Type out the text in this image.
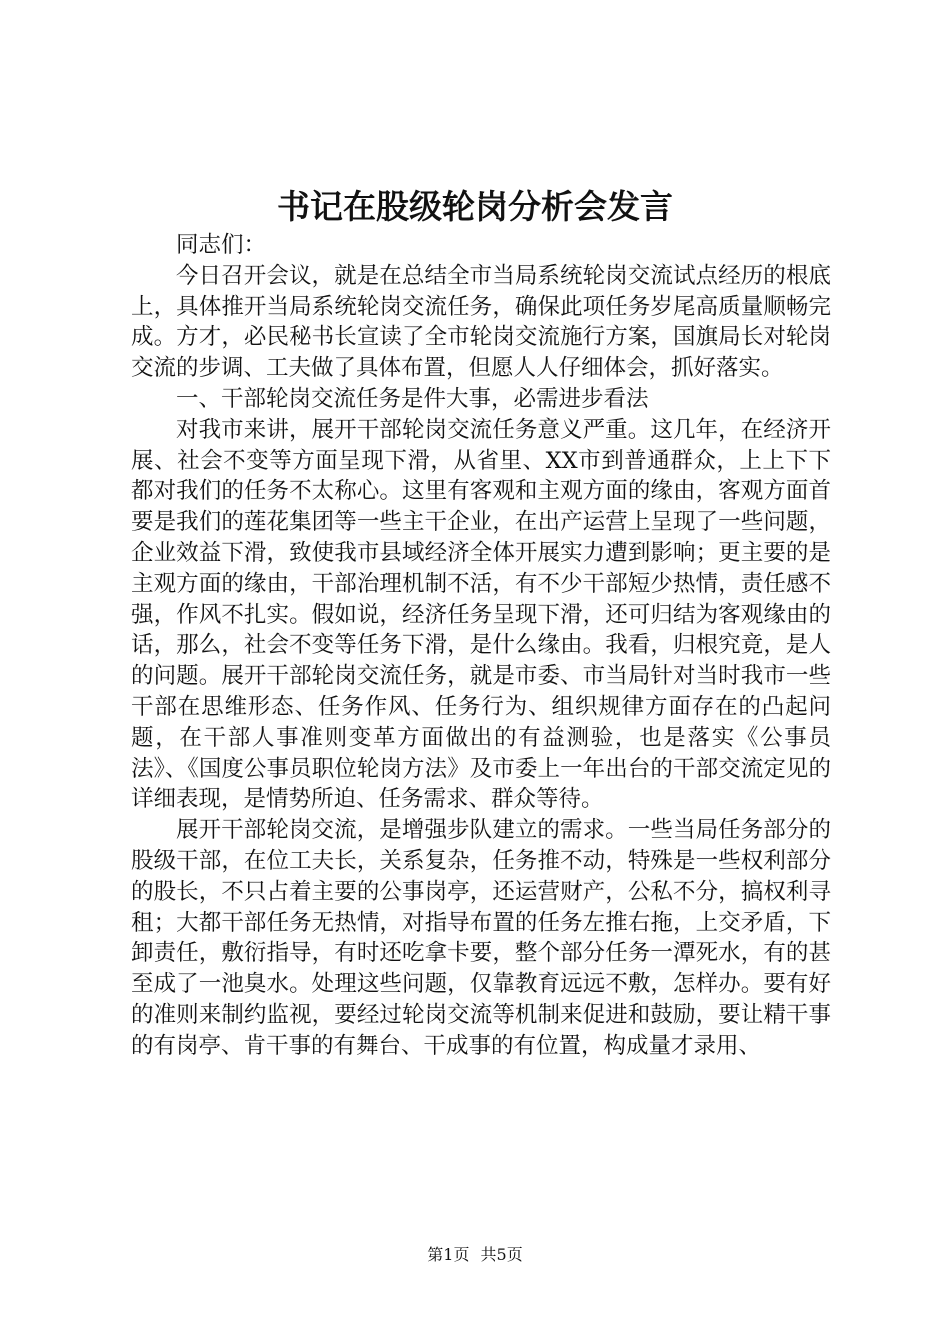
书记在股级轮岗分析会发言

同志们：

今日召开会议，就是在总结全市当局系统轮岗交流试点经历的根底上，具体推开当局系统轮岗交流任务，确保此项任务岁尾高质量顺畅完成。方才，必民秘书长宣读了全市轮岗交流施行方案，国旗局长对轮岗交流的步调、工夫做了具体布置，但愿人人仔细体会，抓好落实。

一、干部轮岗交流任务是件大事，必需进步看法

对我市来讲，展开干部轮岗交流任务意义严重。这几年，在经济开展、社会不变等方面呈现下滑，从省里、XX市到普通群众，上上下下都对我们的任务不太称心。这里有客观和主观方面的缘由，客观方面首要是我们的莲花集团等一些主干企业，在出产运营上呈现了一些问题，企业效益下滑，致使我市县域经济全体开展实力遭到影响；更主要的是主观方面的缘由，干部治理机制不活，有不少干部短少热情，责任感不强，作风不扎实。假如说，经济任务呈现下滑，还可归结为客观缘由的话，那么，社会不变等任务下滑，是什么缘由。我看，归根究竟，是人的问题。展开干部轮岗交流任务，就是市委、市当局针对当时我市一些干部在思维形态、任务作风、任务行为、组织规律方面存在的凸起问题，在干部人事准则变革方面做出的有益测验，也是落实《公事员法》、《国度公事员职位轮岗方法》及市委上一年出台的干部交流定见的详细表现，是情势所迫、任务需求、群众等待。

展开干部轮岗交流，是增强步队建立的需求。一些当局任务部分的股级干部，在位工夫长，关系复杂，任务推不动，特殊是一些权利部分的股长，不只占着主要的公事岗亭，还运营财产，公私不分，搞权利寻租；大都干部任务无热情，对指导布置的任务左推右拖，上交矛盾，下卸责任，敷衍指导，有时还吃拿卡要，整个部分任务一潭死水，有的甚至成了一池臭水。处理这些问题，仅靠教育远远不敷，怎样办。要有好的准则来制约监视，要经过轮岗交流等机制来促进和鼓励，要让精干事的有岗亭、肯干事的有舞台、干成事的有位置，构成量才录用、

第1页 共5页
